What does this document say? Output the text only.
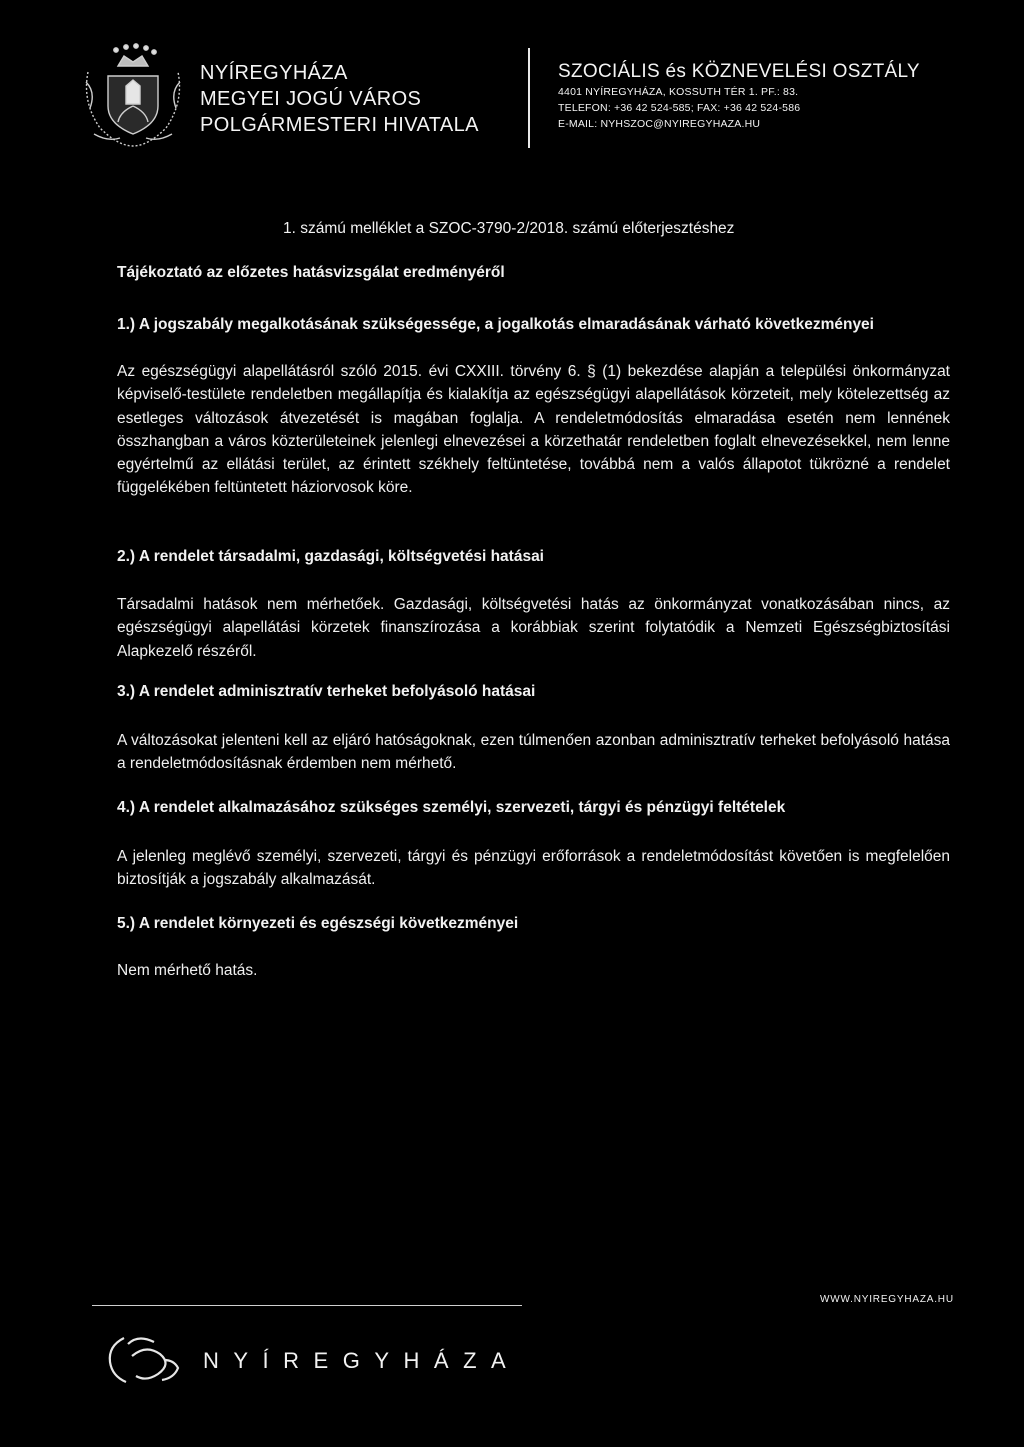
NYÍREGYHÁZA
MEGYEI JOGÚ VÁROS
POLGÁRMESTERI HIVATALA
SZOCIÁLIS és KÖZNEVELÉSI OSZTÁLY
4401 NYÍREGYHÁZA, KOSSUTH TÉR 1. PF.: 83.
TELEFON: +36 42 524-585; FAX: +36 42 524-586
E-MAIL: NYHSZOC@NYIREGYHAZA.HU
1. számú melléklet a SZOC-3790-2/2018. számú előterjesztéshez
Tájékoztató az előzetes hatásvizsgálat eredményéről
1.) A jogszabály megalkotásának szükségessége, a jogalkotás elmaradásának várható következményei
Az egészségügyi alapellátásról szóló 2015. évi CXXIII. törvény 6. § (1) bekezdése alapján a települési önkormányzat képviselő-testülete rendeletben megállapítja és kialakítja az egészségügyi alapellátások körzeteit, mely kötelezettség az esetleges változások átvezetését is magában foglalja. A rendeletmódosítás elmaradása esetén nem lennének összhangban a város közterületeinek jelenlegi elnevezései a körzethatár rendeletben foglalt elnevezésekkel, nem lenne egyértelmű az ellátási terület, az érintett székhely feltüntetése, továbbá nem a valós állapotot tükrözné a rendelet függelékében feltüntetett háziorvosok köre.
2.) A rendelet társadalmi, gazdasági, költségvetési hatásai
Társadalmi hatások nem mérhetőek. Gazdasági, költségvetési hatás az önkormányzat vonatkozásában nincs, az egészségügyi alapellátási körzetek finanszírozása a korábbiak szerint folytatódik a Nemzeti Egészségbiztosítási Alapkezelő részéről.
3.) A rendelet adminisztratív terheket befolyásoló hatásai
A változásokat jelenteni kell az eljáró hatóságoknak, ezen túlmenően azonban adminisztratív terheket befolyásoló hatása a rendeletmódosításnak érdemben nem mérhető.
4.) A rendelet alkalmazásához szükséges személyi, szervezeti, tárgyi és pénzügyi feltételek
A jelenleg meglévő személyi, szervezeti, tárgyi és pénzügyi erőforrások a rendeletmódosítást követően is megfelelően biztosítják a jogszabály alkalmazását.
5.) A rendelet környezeti és egészségi következményei
Nem mérhető hatás.
WWW.NYIREGYHAZA.HU
NYÍREGYHÁZA
